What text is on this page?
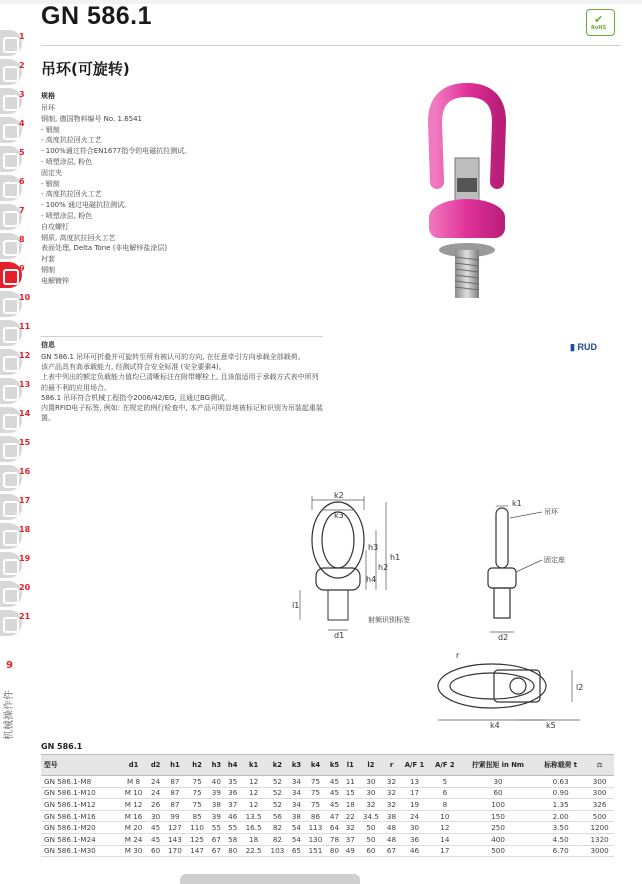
1
2
3
4
5
6
7
8
9
10
11
12
13
14
15
16
17
18
19
20
21
9
机械操作件
GN 586.1	✔
RoHS
吊环(可旋转)
规格
吊环
钢制, 德国物料编号 No. 1.6541
- 锻制
- 高度抗拉回火工艺
- 100%通过符合EN1677指令的电磁抗拉测试。
- 喷塑涂层, 粉色
固定夹
- 锻制
- 高度抗拉回火工艺
- 100% 通过电磁抗拉测试。
- 喷塑涂层, 粉色
自攻螺钉
钢质, 高度抗拉回火工艺
表面处理, Delta Tone (非电解锌盐涂层)
衬套
钢制
电解镀锌
信息
GN 586.1 吊环可折叠并可旋转至所有被认可的方向, 在任意牵引方向承载全部载荷。
该产品具有高承载能力, 经测试符合安全标准 (安全要素4)。
上表中列出的额定负载能力值均已清晰标注在附带螺栓上, 且该值适用于承载方式表中所列的最不利的应用场合。
586.1 吊环符合机械工程指令2006/42/EG, 且通过BG测试。
内置RFID电子标签, 例如: 在规定的例行检查中, 本产品可明显地被标记和识别为吊装起重装置。
▮ RUD
k2
k3
h1
h2
h3
h4
l1
d1
射频识别标签
k1
吊环
固定座
d2
r
l2
k4	k5
GN 586.1
型号	d1	d2	h1	h2	h3	h4	k1	k2	k3	k4	k5	l1	l2	r	A/F 1	A/F 2	拧紧扭矩 in Nm	标称载荷 t	⚖
GN 586.1-M8	M 8	24	87	75	40	35	12	52	34	75	45	11	30	32	13	5	30	0.63	300
GN 586.1-M10	M 10	24	87	75	39	36	12	52	34	75	45	15	30	32	17	6	60	0.90	300
GN 586.1-M12	M 12	26	87	75	38	37	12	52	34	75	45	18	32	32	19	8	100	1.35	326
GN 586.1-M16	M 16	30	99	85	39	46	13.5	56	38	86	47	22	34.5	38	24	10	150	2.00	500
GN 586.1-M20	M 20	45	127	110	55	55	16.5	82	54	113	64	32	50	48	30	12	250	3.50	1200
GN 586.1-M24	M 24	45	143	125	67	58	18	82	54	130	78	37	50	48	36	14	400	4.50	1320
GN 586.1-M30	M 30	60	170	147	67	80	22.5	103	65	151	80	49	60	67	46	17	500	6.70	3000
